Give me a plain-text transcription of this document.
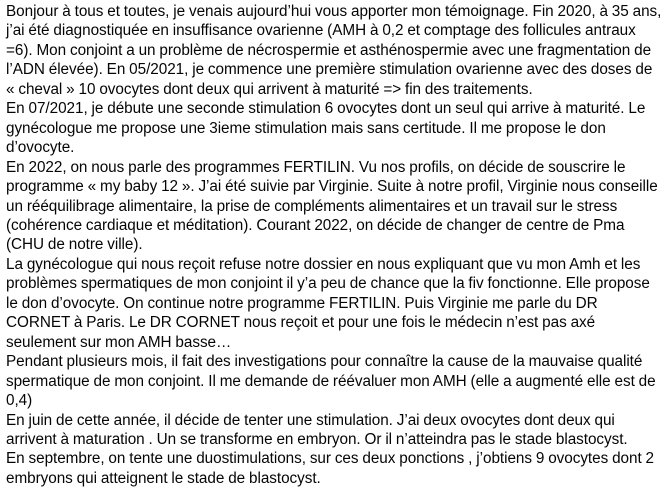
Bonjour à tous et toutes, je venais aujourd’hui vous apporter mon témoignage. Fin 2020, à 35 ans, j’ai été diagnostiquée en insuffisance ovarienne (AMH à 0,2 et comptage des follicules antraux =6). Mon conjoint a un problème de nécrospermie et asthénospermie avec une fragmentation de l’ADN élevée). En 05/2021, je commence une première stimulation ovarienne avec des doses de « cheval » 10 ovocytes dont deux qui arrivent à maturité => fin des traitements.

En 07/2021, je débute une seconde stimulation 6 ovocytes dont un seul qui arrive à maturité. Le gynécologue me propose une 3ieme stimulation mais sans certitude. Il me propose le don d’ovocyte.

En 2022, on nous parle des programmes FERTILIN. Vu nos profils, on décide de souscrire le programme « my baby 12 ». J’ai été suivie par Virginie. Suite à notre profil, Virginie nous conseille un rééquilibrage alimentaire, la prise de compléments alimentaires et un travail sur le stress (cohérence cardiaque et méditation). Courant 2022, on décide de changer de centre de Pma (CHU de notre ville).

La gynécologue qui nous reçoit refuse notre dossier en nous expliquant que vu mon Amh et les problèmes spermatiques de mon conjoint il y’a peu de chance que la fiv fonctionne. Elle propose le don d’ovocyte. On continue notre programme FERTILIN. Puis Virginie me parle du DR CORNET à Paris. Le DR CORNET nous reçoit et pour une fois le médecin n’est pas axé seulement sur mon AMH basse…

Pendant plusieurs mois, il fait des investigations pour connaître la cause de la mauvaise qualité spermatique de mon conjoint. Il me demande de réévaluer mon AMH (elle a augmenté elle est de 0,4)

En juin de cette année, il décide de tenter une stimulation. J’ai deux ovocytes dont deux qui arrivent à maturation . Un se transforme en embryon. Or il n’atteindra pas le stade blastocyst.

En septembre, on tente une duostimulations, sur ces deux ponctions , j’obtiens 9 ovocytes dont 2 embryons qui atteignent le stade de blastocyst.
